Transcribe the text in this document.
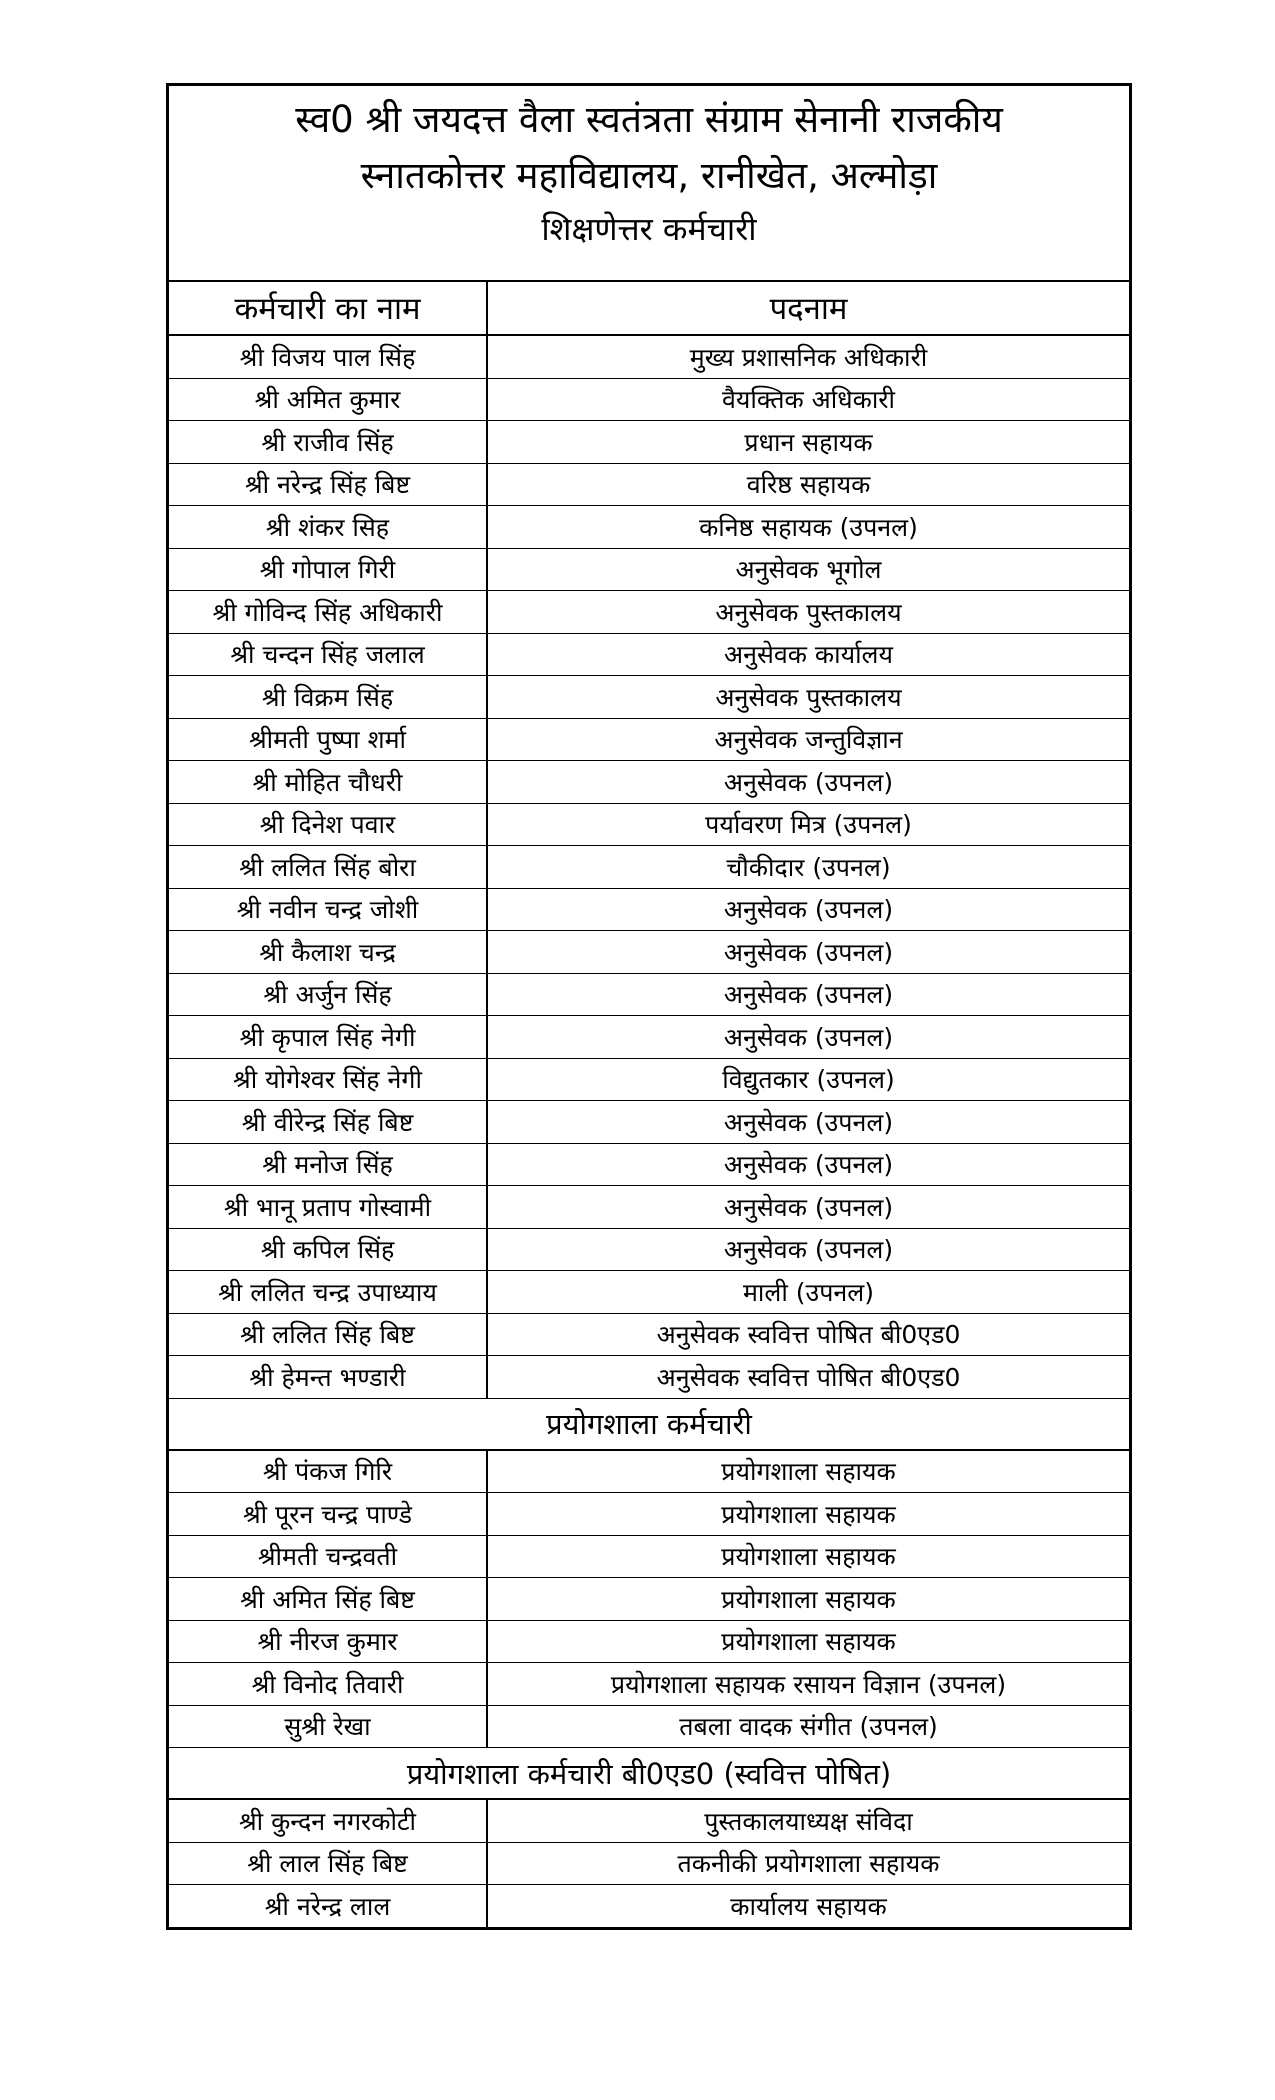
स्व0 श्री जयदत्त वैला स्वतंत्रता संग्राम सेनानी राजकीय
स्नातकोत्तर महाविद्यालय, रानीखेत, अल्मोड़ा
शिक्षणेत्तर कर्मचारी
कर्मचारी का नाम	पदनाम
श्री विजय पाल सिंह	मुख्य प्रशासनिक अधिकारी
श्री अमित कुमार	वैयक्तिक अधिकारी
श्री राजीव सिंह	प्रधान सहायक
श्री नरेन्द्र सिंह बिष्ट	वरिष्ठ सहायक
श्री शंकर सिह	कनिष्ठ सहायक (उपनल)
श्री गोपाल गिरी	अनुसेवक भूगोल
श्री गोविन्द सिंह अधिकारी	अनुसेवक पुस्तकालय
श्री चन्दन सिंह जलाल	अनुसेवक कार्यालय
श्री विक्रम सिंह	अनुसेवक पुस्तकालय
श्रीमती पुष्पा शर्मा	अनुसेवक जन्तुविज्ञान
श्री मोहित चौधरी	अनुसेवक (उपनल)
श्री दिनेश पवार	पर्यावरण मित्र (उपनल)
श्री ललित सिंह बोरा	चौकीदार (उपनल)
श्री नवीन चन्द्र जोशी	अनुसेवक (उपनल)
श्री कैलाश चन्द्र	अनुसेवक (उपनल)
श्री अर्जुन सिंह	अनुसेवक (उपनल)
श्री कृपाल सिंह नेगी	अनुसेवक (उपनल)
श्री योगेश्वर सिंह नेगी	विद्युतकार (उपनल)
श्री वीरेन्द्र सिंह बिष्ट	अनुसेवक (उपनल)
श्री मनोज सिंह	अनुसेवक (उपनल)
श्री भानू प्रताप गोस्वामी	अनुसेवक (उपनल)
श्री कपिल सिंह	अनुसेवक (उपनल)
श्री ललित चन्द्र उपाध्याय	माली (उपनल)
श्री ललित सिंह बिष्ट	अनुसेवक स्ववित्त पोषित बी0एड0
श्री हेमन्त भण्डारी	अनुसेवक स्ववित्त पोषित बी0एड0
प्रयोगशाला कर्मचारी	
श्री पंकज गिरि	प्रयोगशाला सहायक
श्री पूरन चन्द्र पाण्डे	प्रयोगशाला सहायक
श्रीमती चन्द्रवती	प्रयोगशाला सहायक
श्री अमित सिंह बिष्ट	प्रयोगशाला सहायक
श्री नीरज कुमार	प्रयोगशाला सहायक
श्री विनोद तिवारी	प्रयोगशाला सहायक रसायन विज्ञान (उपनल)
सुश्री रेखा	तबला वादक संगीत (उपनल)
प्रयोगशाला कर्मचारी बी0एड0 (स्ववित्त पोषित)	
श्री कुन्दन नगरकोटी	पुस्तकालयाध्यक्ष संविदा
श्री लाल सिंह बिष्ट	तकनीकी प्रयोगशाला सहायक
श्री नरेन्द्र लाल	कार्यालय सहायक
